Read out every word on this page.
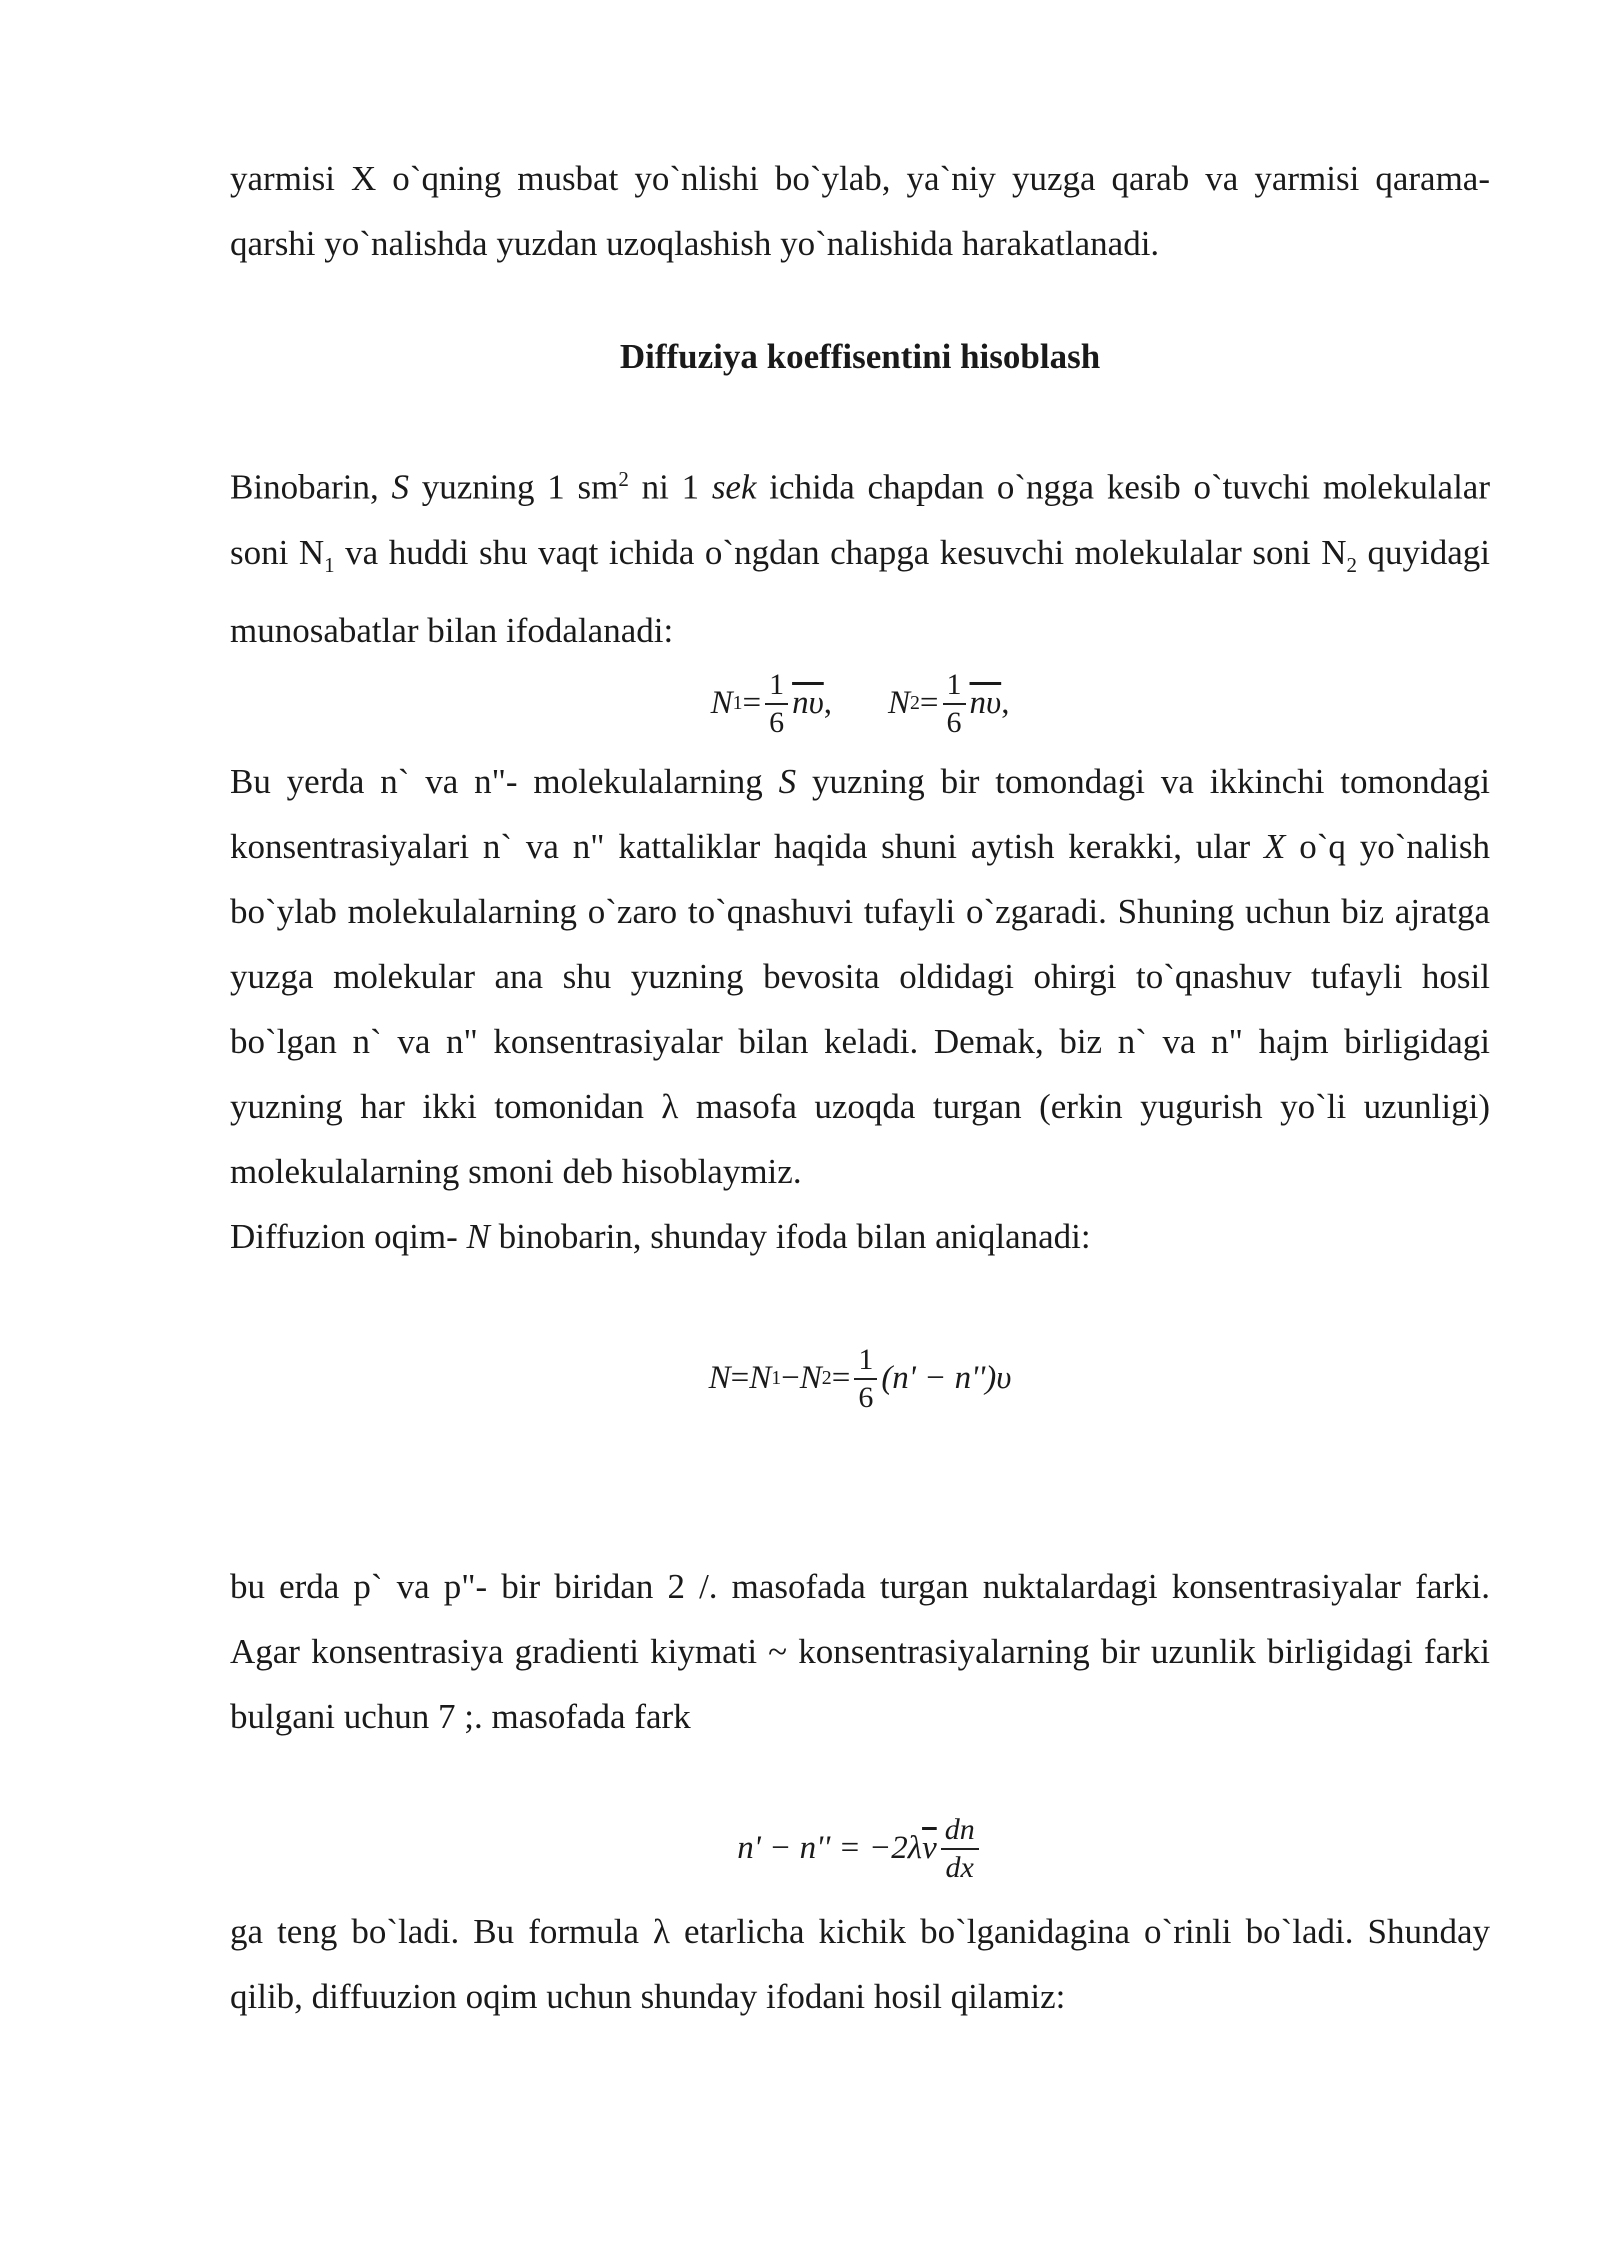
yarmisi X o`qning musbat yo`nlishi bo`ylab, ya`niy yuzga qarab va yarmisi qarama-

qarshi yo`nalishda yuzdan uzoqlashish yo`nalishida harakatlanadi.

Diffuziya koeffisentini hisoblash

Binobarin, S yuzning 1 $sm^2$ ni 1 sek ichida chapdan o`ngga kesib o`tuvchi molekulalar soni $N_1$ va huddi shu vaqt ichida o`ngdan chapga kesuvchi molekulalar soni $N_2$ quyidagi munosabatlar bilan ifodalanadi:

N $1 = \frac{1}{6} \overline{n\upsilon}$ , N $2 = \frac{1}{6} \overline{n\upsilon}$ ,

Bu yerda n` va n"- molekulalarning S yuzning bir tomondagi va ikkinchi tomondagi konsentrasiyalari n` va n" kattaliklar haqida shuni aytish kerakki, ular X o`q yo`nalish bo`ylab molekulalarning o`zaro to`qnashuvi tufayli o`zgaradi. Shuning uchun biz ajratga yuzga molekular ana shu yuzning bevosita oldidagi ohirgi to`qnashuv tufayli hosil bo`lgan n` va n" konsentrasiyalar bilan keladi. Demak, biz n` va n" hajm birligidagi yuzning har ikki tomonidan λ masofa uzoqda turgan (erkin yugurish yo`li uzunligi) molekulalarning smoni deb hisoblaymiz.

Diffuzion oqim- N binobarin, shunday ifoda bilan aniqlanadi:

N = N 1 − N $2 = \frac{1}{6} (n' - n'')\upsilon$

bu erda p` va p"- bir biridan 2 /. masofada turgan nuktalardagi konsentrasiyalar farki. Agar konsentrasiya gradienti kiymati ~ konsentrasiyalarning bir uzunlik birligidagi farki bulgani uchun 7 ;. masofada fark

n' − n'' = −2λ $\overline{v} \frac{dn}{dx}$

ga teng bo`ladi. Bu formula λ etarlicha kichik bo`lganidagina o`rinli bo`ladi. Shunday qilib, diffuuzion oqim uchun shunday ifodani hosil qilamiz:
